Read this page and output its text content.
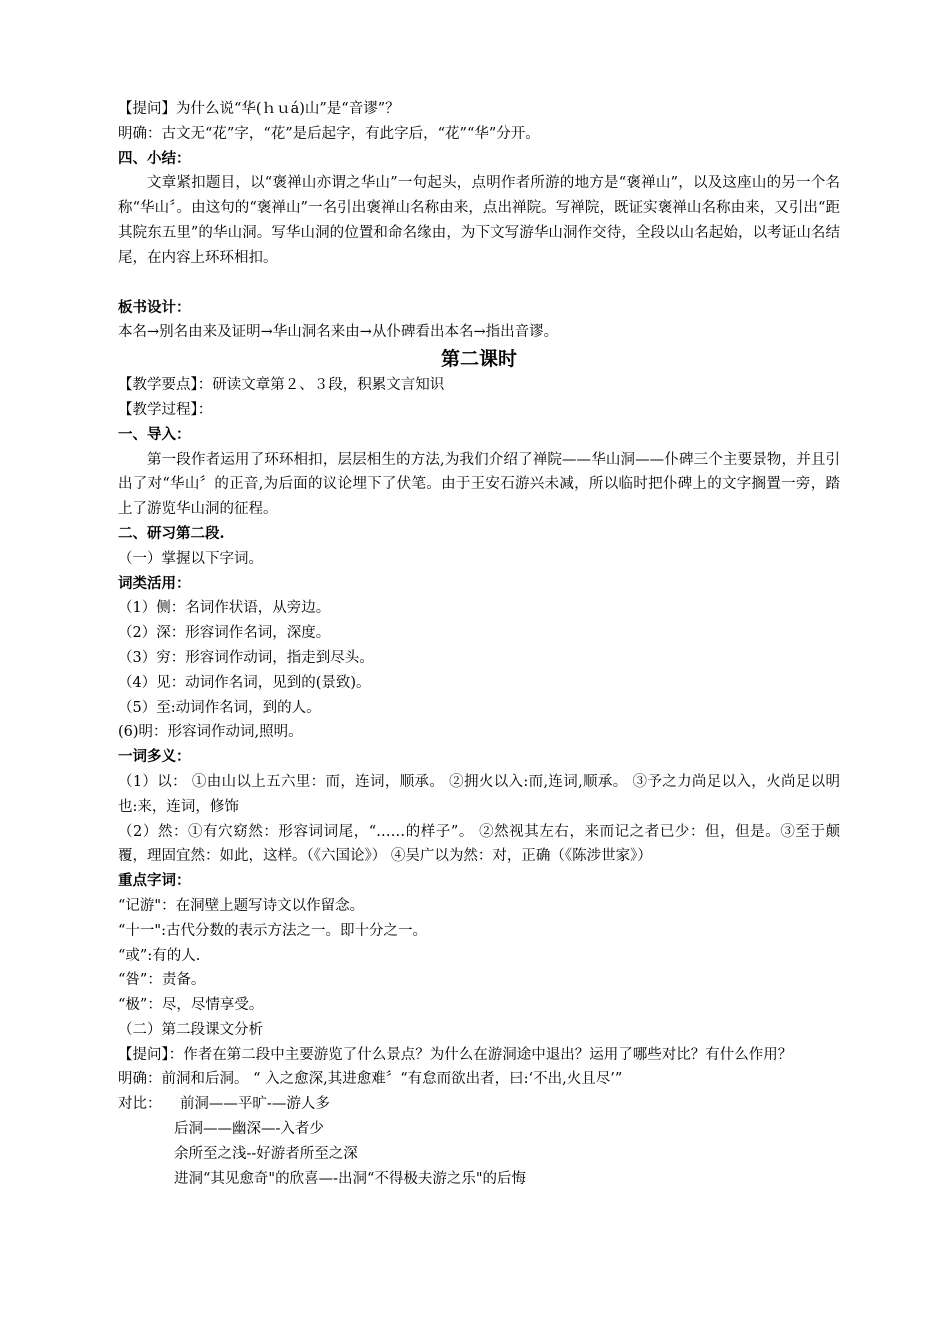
【提问】为什么说“华(ｈｕá)山”是“音谬”？
明确：古文无“花”字，“花”是后起字，有此字后，“花”“华”分开。
四、小结：
文章紧扣题目，以“褒禅山亦谓之华山”一句起头，点明作者所游的地方是“褒禅山”，以及这座山的另一个名称“华山〞。由这句的“褒禅山”一名引出褒禅山名称由来，点出禅院。写禅院，既证实褒禅山名称由来，又引出“距其院东五里”的华山洞。写华山洞的位置和命名缘由，为下文写游华山洞作交待，全段以山名起始，以考证山名结尾，在内容上环环相扣。
板书设计：
本名→别名由来及证明→华山洞名来由→从仆碑看出本名→指出音谬。
第二课时
【教学要点】：研读文章第２、３段，积累文言知识
【教学过程】：
一、导入：
第一段作者运用了环环相扣，层层相生的方法,为我们介绍了禅院——华山洞——仆碑三个主要景物，并且引出了对“华山〞的正音,为后面的议论埋下了伏笔。由于王安石游兴未减，所以临时把仆碑上的文字搁置一旁，踏上了游览华山洞的征程。
二、研习第二段.
（一）掌握以下字词。
词类活用：
（1）侧：名词作状语，从旁边。
（2）深：形容词作名词，深度。
（3）穷：形容词作动词，指走到尽头。
（4）见：动词作名词，见到的(景致)。
（5）至:动词作名词，到的人。
(6)明：形容词作动词,照明。
一词多义：
（1）以： ①由山以上五六里：而，连词，顺承。 ②拥火以入:而,连词,顺承。 ③予之力尚足以入，火尚足以明也:来，连词，修饰
（2）然：①有穴窈然：形容词词尾，“……的样子”。 ②然视其左右，来而记之者已少：但，但是。③至于颠覆，理固宜然：如此，这样。（《六国论》） ④吴广以为然：对，正确（《陈涉世家》）
重点字词：
“记游"：在洞壁上题写诗文以作留念。
“十一":古代分数的表示方法之一。即十分之一。
“或”:有的人.
“咎”：责备。
“极”：尽，尽情享受。
（二）第二段课文分析
【提问】：作者在第二段中主要游览了什么景点？为什么在游洞途中退出？运用了哪些对比？有什么作用？
明确：前洞和后洞。 “ 入之愈深,其进愈难〞“有怠而欲出者，曰:‘不出,火且尽’”
对比： 前洞——平旷-—游人多
后洞——幽深—-入者少
余所至之浅--好游者所至之深
进洞“其见愈奇"的欣喜—-出洞“不得极夫游之乐"的后悔
